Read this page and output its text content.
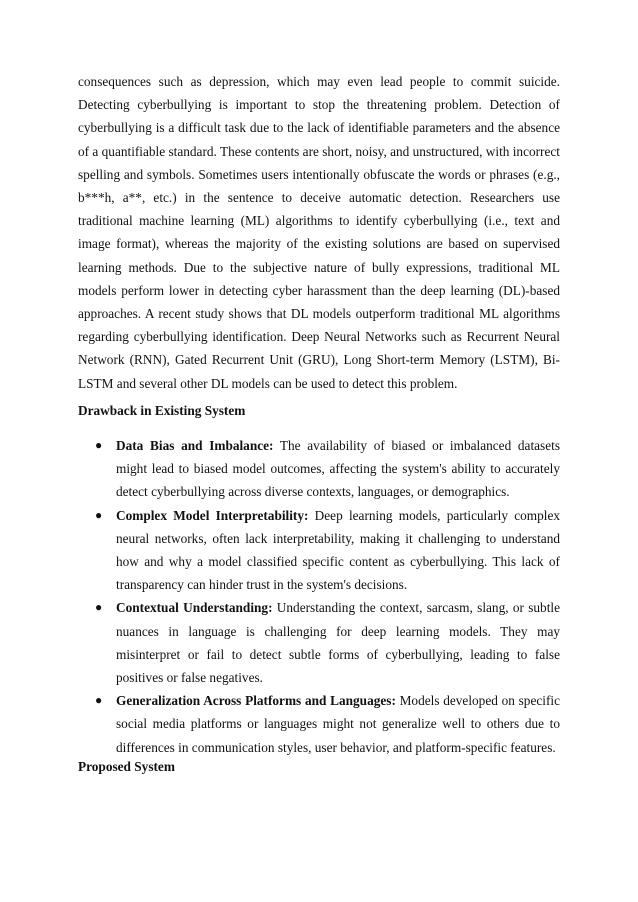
consequences such as depression, which may even lead people to commit suicide. Detecting cyberbullying is important to stop the threatening problem. Detection of cyberbullying is a difficult task due to the lack of identifiable parameters and the absence of a quantifiable standard. These contents are short, noisy, and unstructured, with incorrect spelling and symbols. Sometimes users intentionally obfuscate the words or phrases (e.g., b***h, a**, etc.) in the sentence to deceive automatic detection. Researchers use traditional machine learning (ML) algorithms to identify cyberbullying (i.e., text and image format), whereas the majority of the existing solutions are based on supervised learning methods. Due to the subjective nature of bully expressions, traditional ML models perform lower in detecting cyber harassment than the deep learning (DL)-based approaches. A recent study shows that DL models outperform traditional ML algorithms regarding cyberbullying identification. Deep Neural Networks such as Recurrent Neural Network (RNN), Gated Recurrent Unit (GRU), Long Short-term Memory (LSTM), Bi-LSTM and several other DL models can be used to detect this problem.

Drawback in Existing System
● Data Bias and Imbalance: The availability of biased or imbalanced datasets might lead to biased model outcomes, affecting the system's ability to accurately detect cyberbullying across diverse contexts, languages, or demographics.
● Complex Model Interpretability: Deep learning models, particularly complex neural networks, often lack interpretability, making it challenging to understand how and why a model classified specific content as cyberbullying. This lack of transparency can hinder trust in the system's decisions.
● Contextual Understanding: Understanding the context, sarcasm, slang, or subtle nuances in language is challenging for deep learning models. They may misinterpret or fail to detect subtle forms of cyberbullying, leading to false positives or false negatives.
● Generalization Across Platforms and Languages: Models developed on specific social media platforms or languages might not generalize well to others due to differences in communication styles, user behavior, and platform-specific features.
Proposed System
